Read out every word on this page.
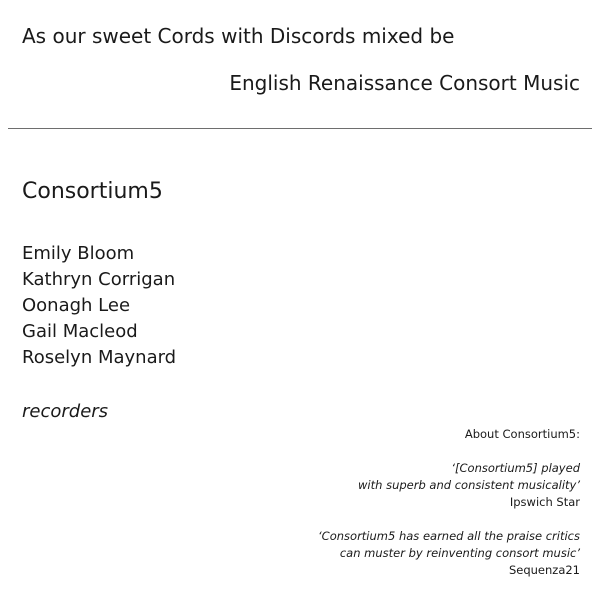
As our sweet Cords with Discords mixed be
English Renaissance Consort Music
Consortium5
Emily Bloom
Kathryn Corrigan
Oonagh Lee
Gail Macleod
Roselyn Maynard
recorders
About Consortium5:
‘[Consortium5] played
with superb and consistent musicality’
Ipswich Star
‘Consortium5 has earned all the praise critics
can muster by reinventing consort music’
Sequenza21
